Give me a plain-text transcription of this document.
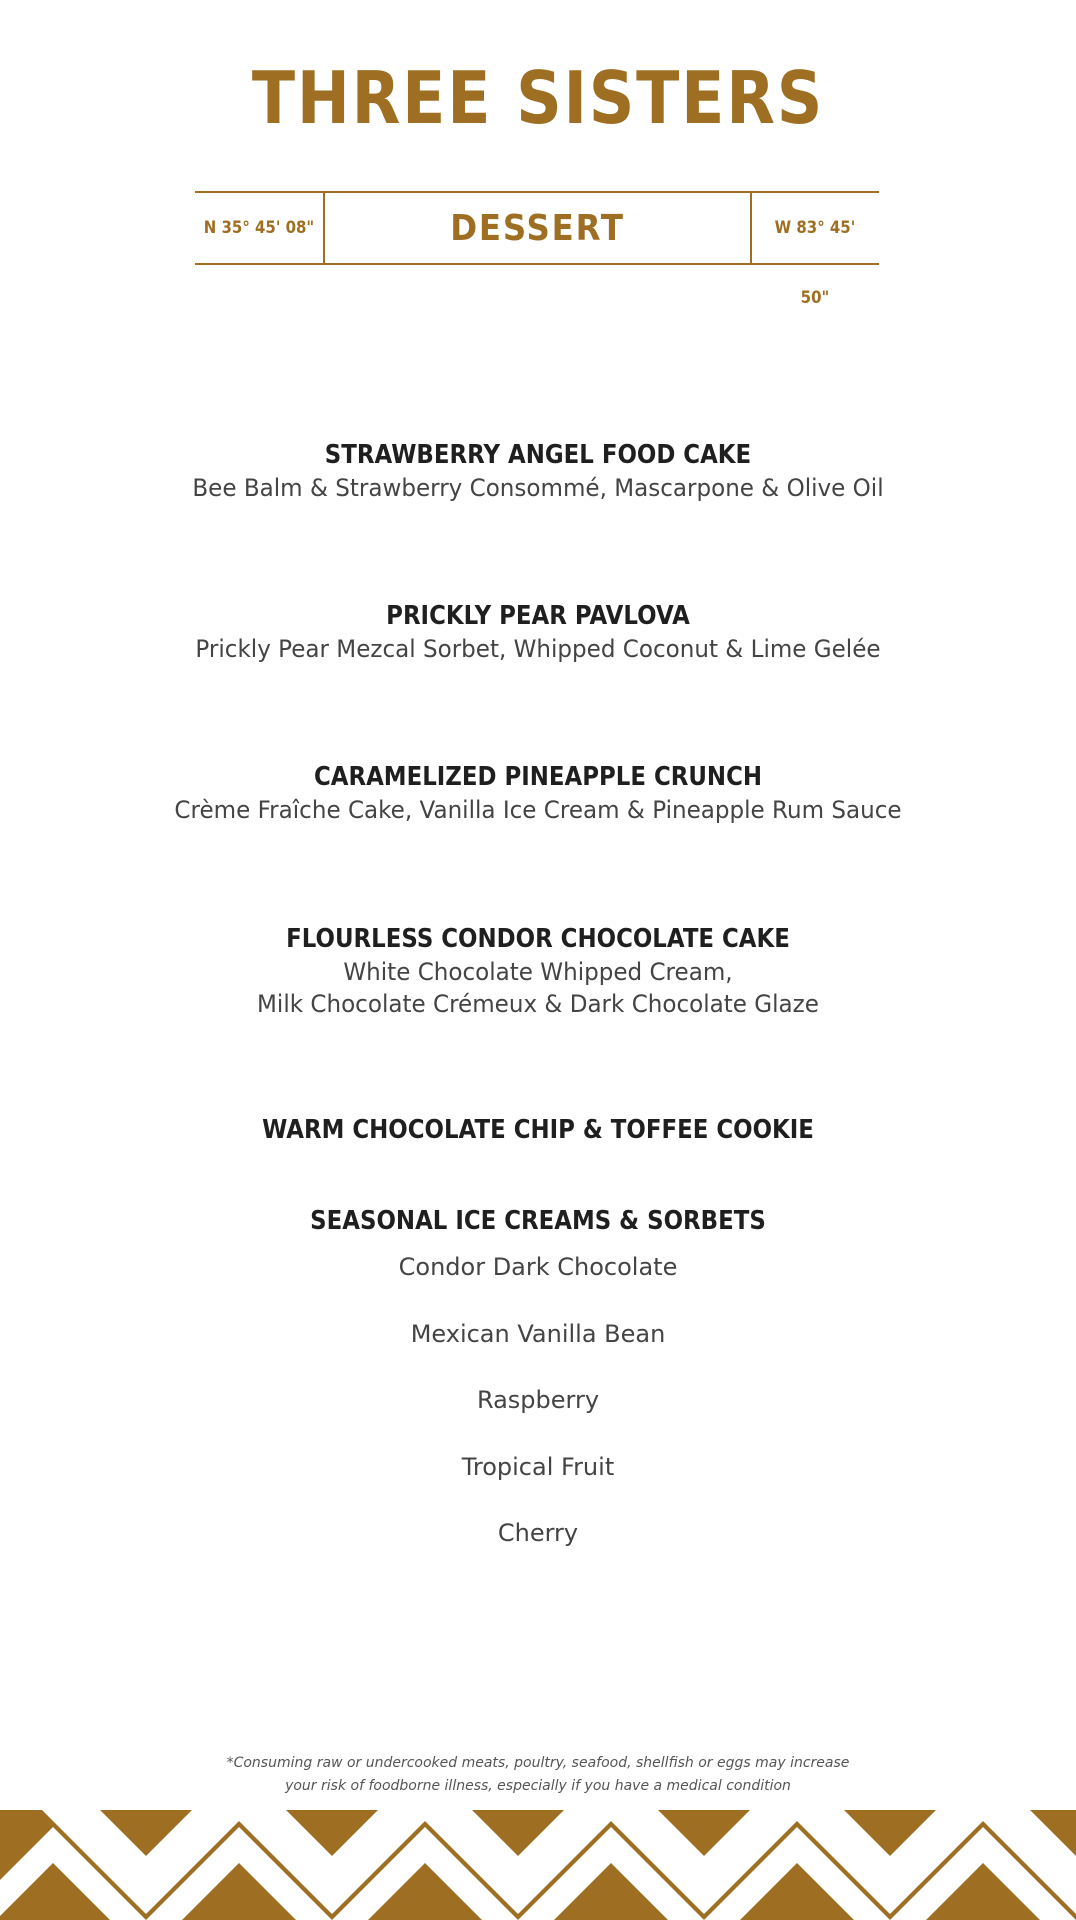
THREE SISTERS
N 35° 45' 08"	DESSERT	W 83° 45' 50"

STRAWBERRY ANGEL FOOD CAKE

Bee Balm & Strawberry Consommé, Mascarpone & Olive Oil

PRICKLY PEAR PAVLOVA

Prickly Pear Mezcal Sorbet, Whipped Coconut & Lime Gelée

CARAMELIZED PINEAPPLE CRUNCH

Crème Fraîche Cake, Vanilla Ice Cream & Pineapple Rum Sauce

FLOURLESS CONDOR CHOCOLATE CAKE

White Chocolate Whipped Cream,

Milk Chocolate Crémeux & Dark Chocolate Glaze

WARM CHOCOLATE CHIP & TOFFEE COOKIE

SEASONAL ICE CREAMS & SORBETS

Condor Dark Chocolate

Mexican Vanilla Bean

Raspberry

Tropical Fruit

Cherry

*Consuming raw or undercooked meats, poultry, seafood, shellfish or eggs may increase
your risk of foodborne illness, especially if you have a medical condition
